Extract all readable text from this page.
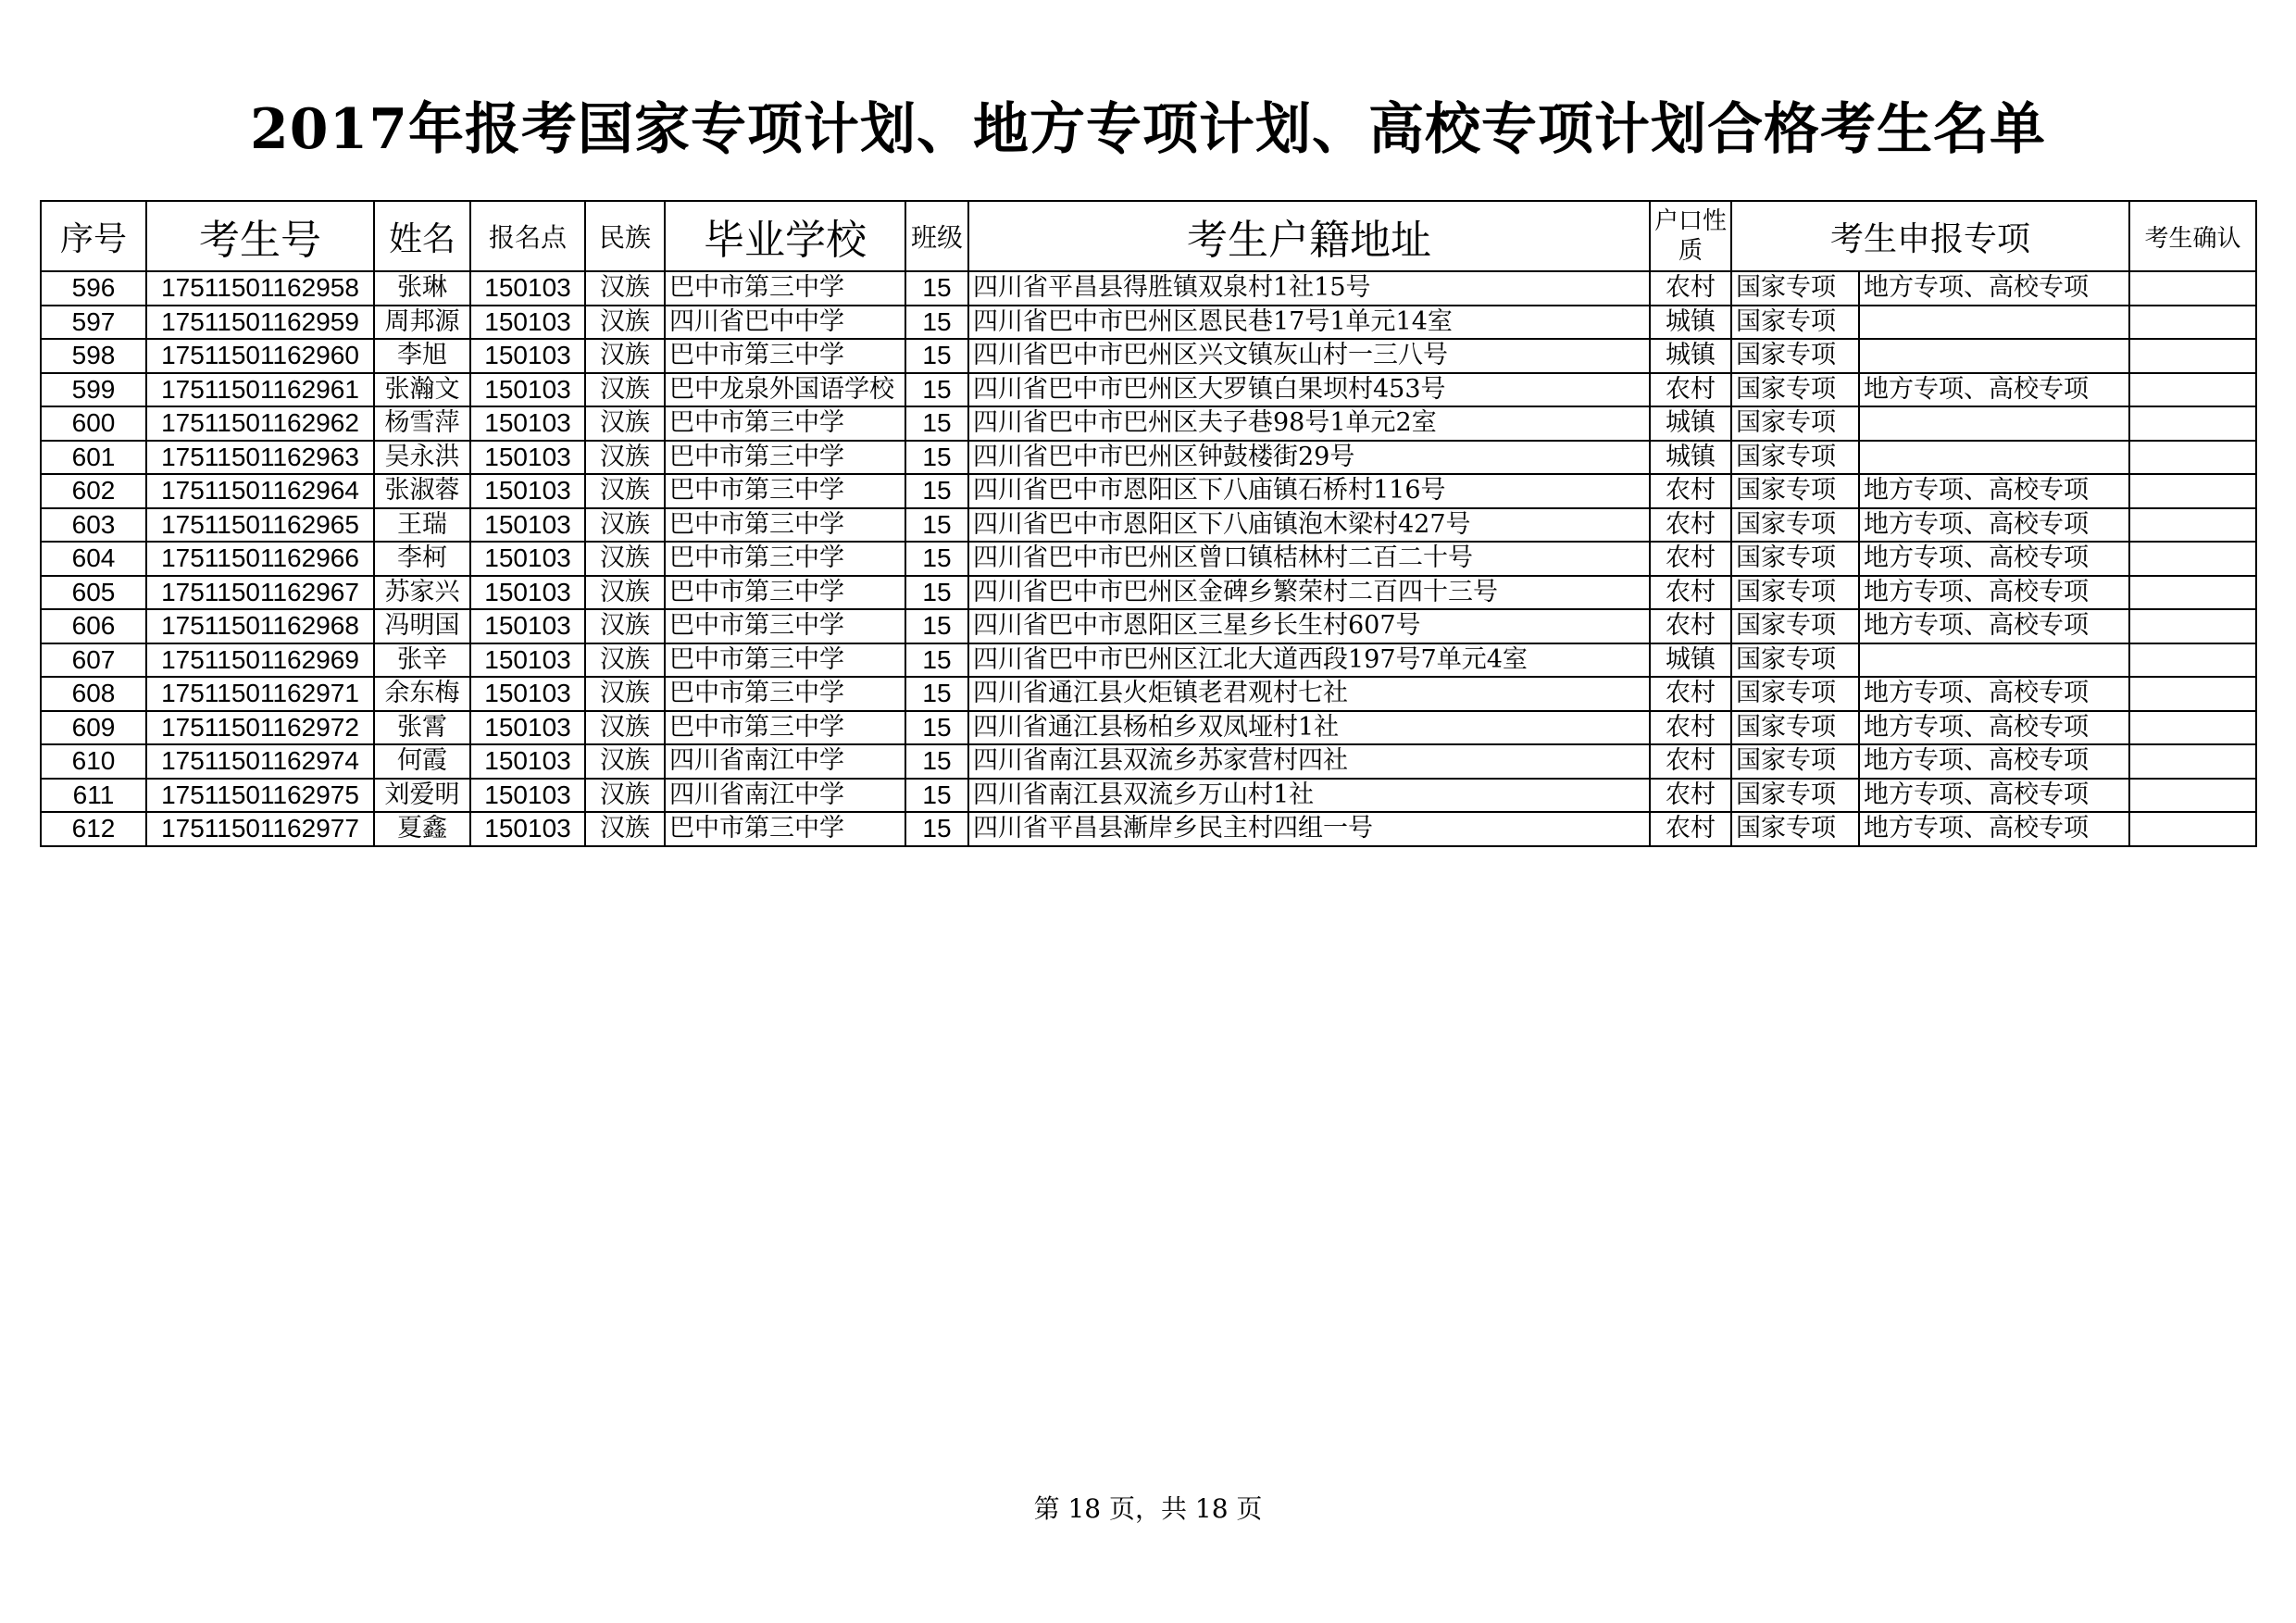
2017年报考国家专项计划、地方专项计划、高校专项计划合格考生名单
序号	考生号	姓名	报名点	民族	毕业学校	班级	考生户籍地址	户口性质	考生申报专项		考生确认
596	17511501162958	张琳	150103	汉族	巴中市第三中学	15	四川省平昌县得胜镇双泉村1社15号	农村	国家专项	地方专项、高校专项	
597	17511501162959	周邦源	150103	汉族	四川省巴中中学	15	四川省巴中市巴州区恩民巷17号1单元14室	城镇	国家专项		
598	17511501162960	李旭	150103	汉族	巴中市第三中学	15	四川省巴中市巴州区兴文镇灰山村一三八号	城镇	国家专项		
599	17511501162961	张瀚文	150103	汉族	巴中龙泉外国语学校	15	四川省巴中市巴州区大罗镇白果坝村453号	农村	国家专项	地方专项、高校专项	
600	17511501162962	杨雪萍	150103	汉族	巴中市第三中学	15	四川省巴中市巴州区夫子巷98号1单元2室	城镇	国家专项		
601	17511501162963	吴永洪	150103	汉族	巴中市第三中学	15	四川省巴中市巴州区钟鼓楼街29号	城镇	国家专项		
602	17511501162964	张淑蓉	150103	汉族	巴中市第三中学	15	四川省巴中市恩阳区下八庙镇石桥村116号	农村	国家专项	地方专项、高校专项	
603	17511501162965	王瑞	150103	汉族	巴中市第三中学	15	四川省巴中市恩阳区下八庙镇泡木梁村427号	农村	国家专项	地方专项、高校专项	
604	17511501162966	李柯	150103	汉族	巴中市第三中学	15	四川省巴中市巴州区曾口镇桔林村二百二十号	农村	国家专项	地方专项、高校专项	
605	17511501162967	苏家兴	150103	汉族	巴中市第三中学	15	四川省巴中市巴州区金碑乡繁荣村二百四十三号	农村	国家专项	地方专项、高校专项	
606	17511501162968	冯明国	150103	汉族	巴中市第三中学	15	四川省巴中市恩阳区三星乡长生村607号	农村	国家专项	地方专项、高校专项	
607	17511501162969	张辛	150103	汉族	巴中市第三中学	15	四川省巴中市巴州区江北大道西段197号7单元4室	城镇	国家专项		
608	17511501162971	余东梅	150103	汉族	巴中市第三中学	15	四川省通江县火炬镇老君观村七社	农村	国家专项	地方专项、高校专项	
609	17511501162972	张霄	150103	汉族	巴中市第三中学	15	四川省通江县杨柏乡双凤垭村1社	农村	国家专项	地方专项、高校专项	
610	17511501162974	何霞	150103	汉族	四川省南江中学	15	四川省南江县双流乡苏家营村四社	农村	国家专项	地方专项、高校专项	
611	17511501162975	刘爱明	150103	汉族	四川省南江中学	15	四川省南江县双流乡万山村1社	农村	国家专项	地方专项、高校专项	
612	17511501162977	夏鑫	150103	汉族	巴中市第三中学	15	四川省平昌县漸岸乡民主村四组一号	农村	国家专项	地方专项、高校专项	
第 18 页，共 18 页
